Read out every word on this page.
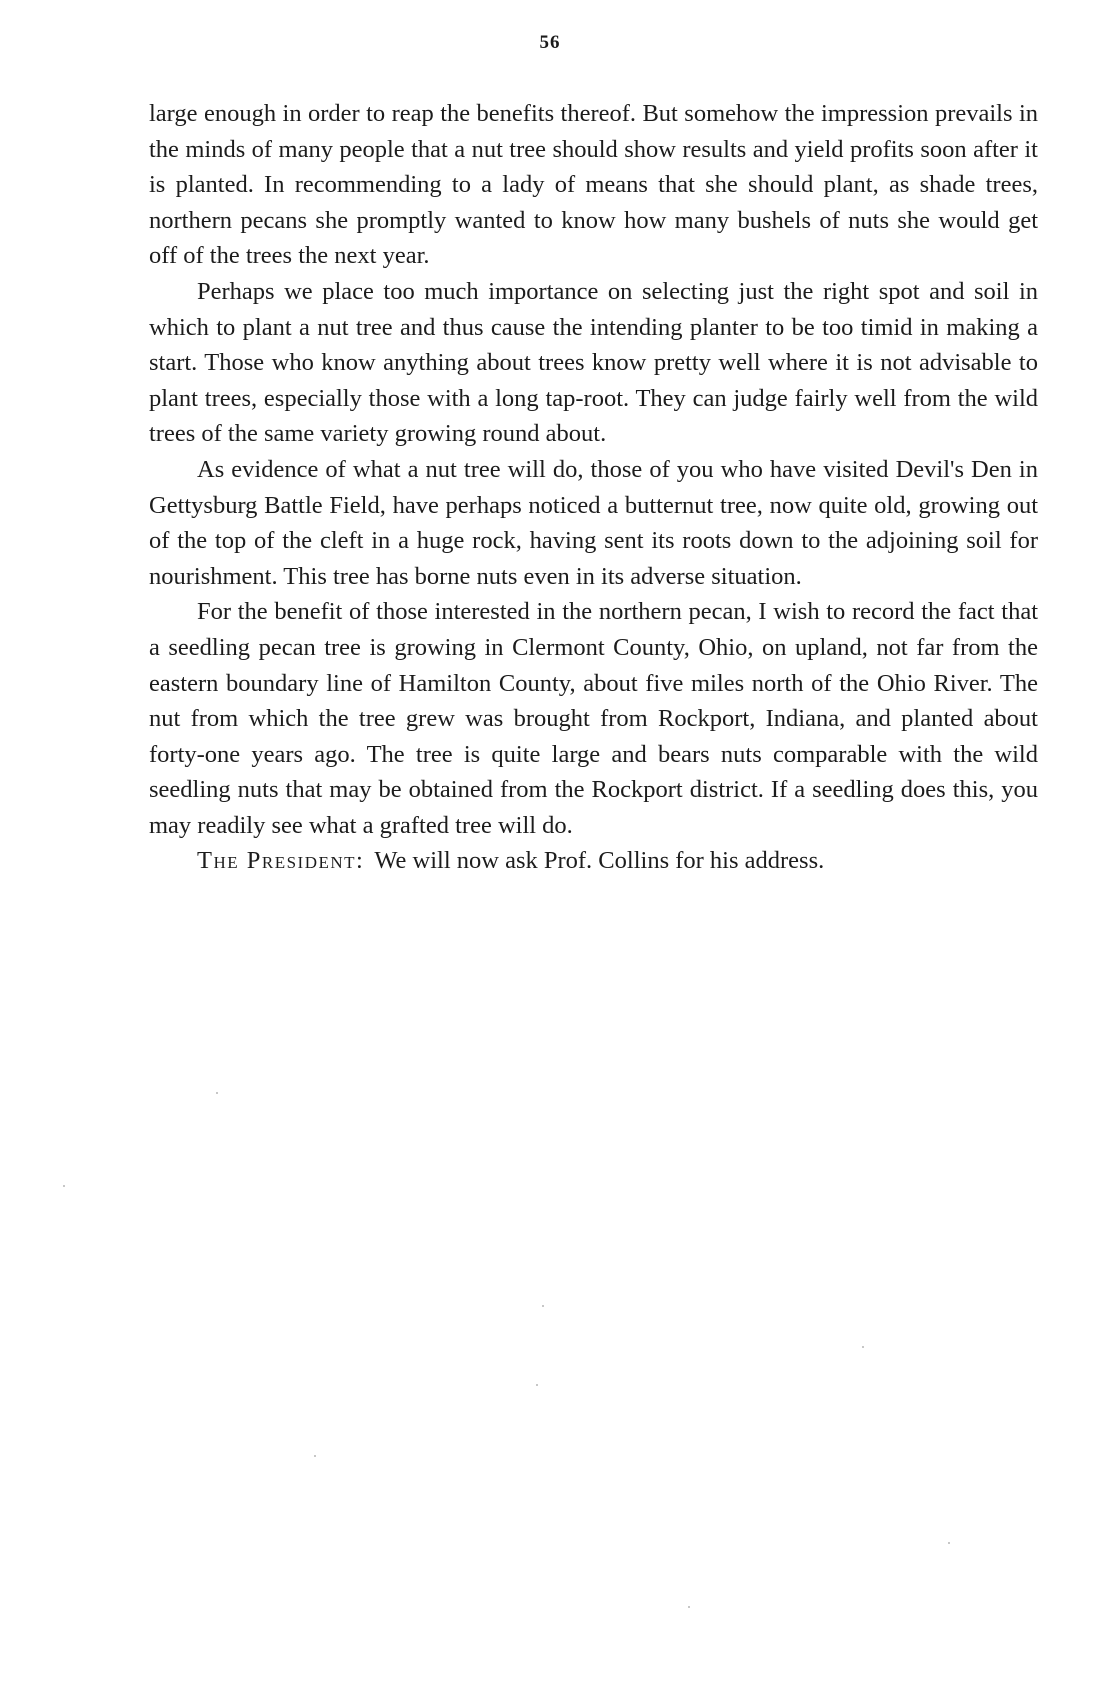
56

large enough in order to reap the benefits thereof. But somehow the impression prevails in the minds of many people that a nut tree should show results and yield profits soon after it is planted. In recommending to a lady of means that she should plant, as shade trees, northern pecans she promptly wanted to know how many bushels of nuts she would get off of the trees the next year.

Perhaps we place too much importance on selecting just the right spot and soil in which to plant a nut tree and thus cause the intending planter to be too timid in making a start. Those who know anything about trees know pretty well where it is not advisable to plant trees, especially those with a long tap-root. They can judge fairly well from the wild trees of the same variety growing round about.

As evidence of what a nut tree will do, those of you who have visited Devil's Den in Gettysburg Battle Field, have perhaps noticed a butternut tree, now quite old, growing out of the top of the cleft in a huge rock, having sent its roots down to the adjoining soil for nourishment. This tree has borne nuts even in its adverse situation.

For the benefit of those interested in the northern pecan, I wish to record the fact that a seedling pecan tree is growing in Clermont County, Ohio, on upland, not far from the eastern boundary line of Hamilton County, about five miles north of the Ohio River. The nut from which the tree grew was brought from Rockport, Indiana, and planted about forty-one years ago. The tree is quite large and bears nuts comparable with the wild seedling nuts that may be obtained from the Rockport district. If a seedling does this, you may readily see what a grafted tree will do.

The President: We will now ask Prof. Collins for his address.
